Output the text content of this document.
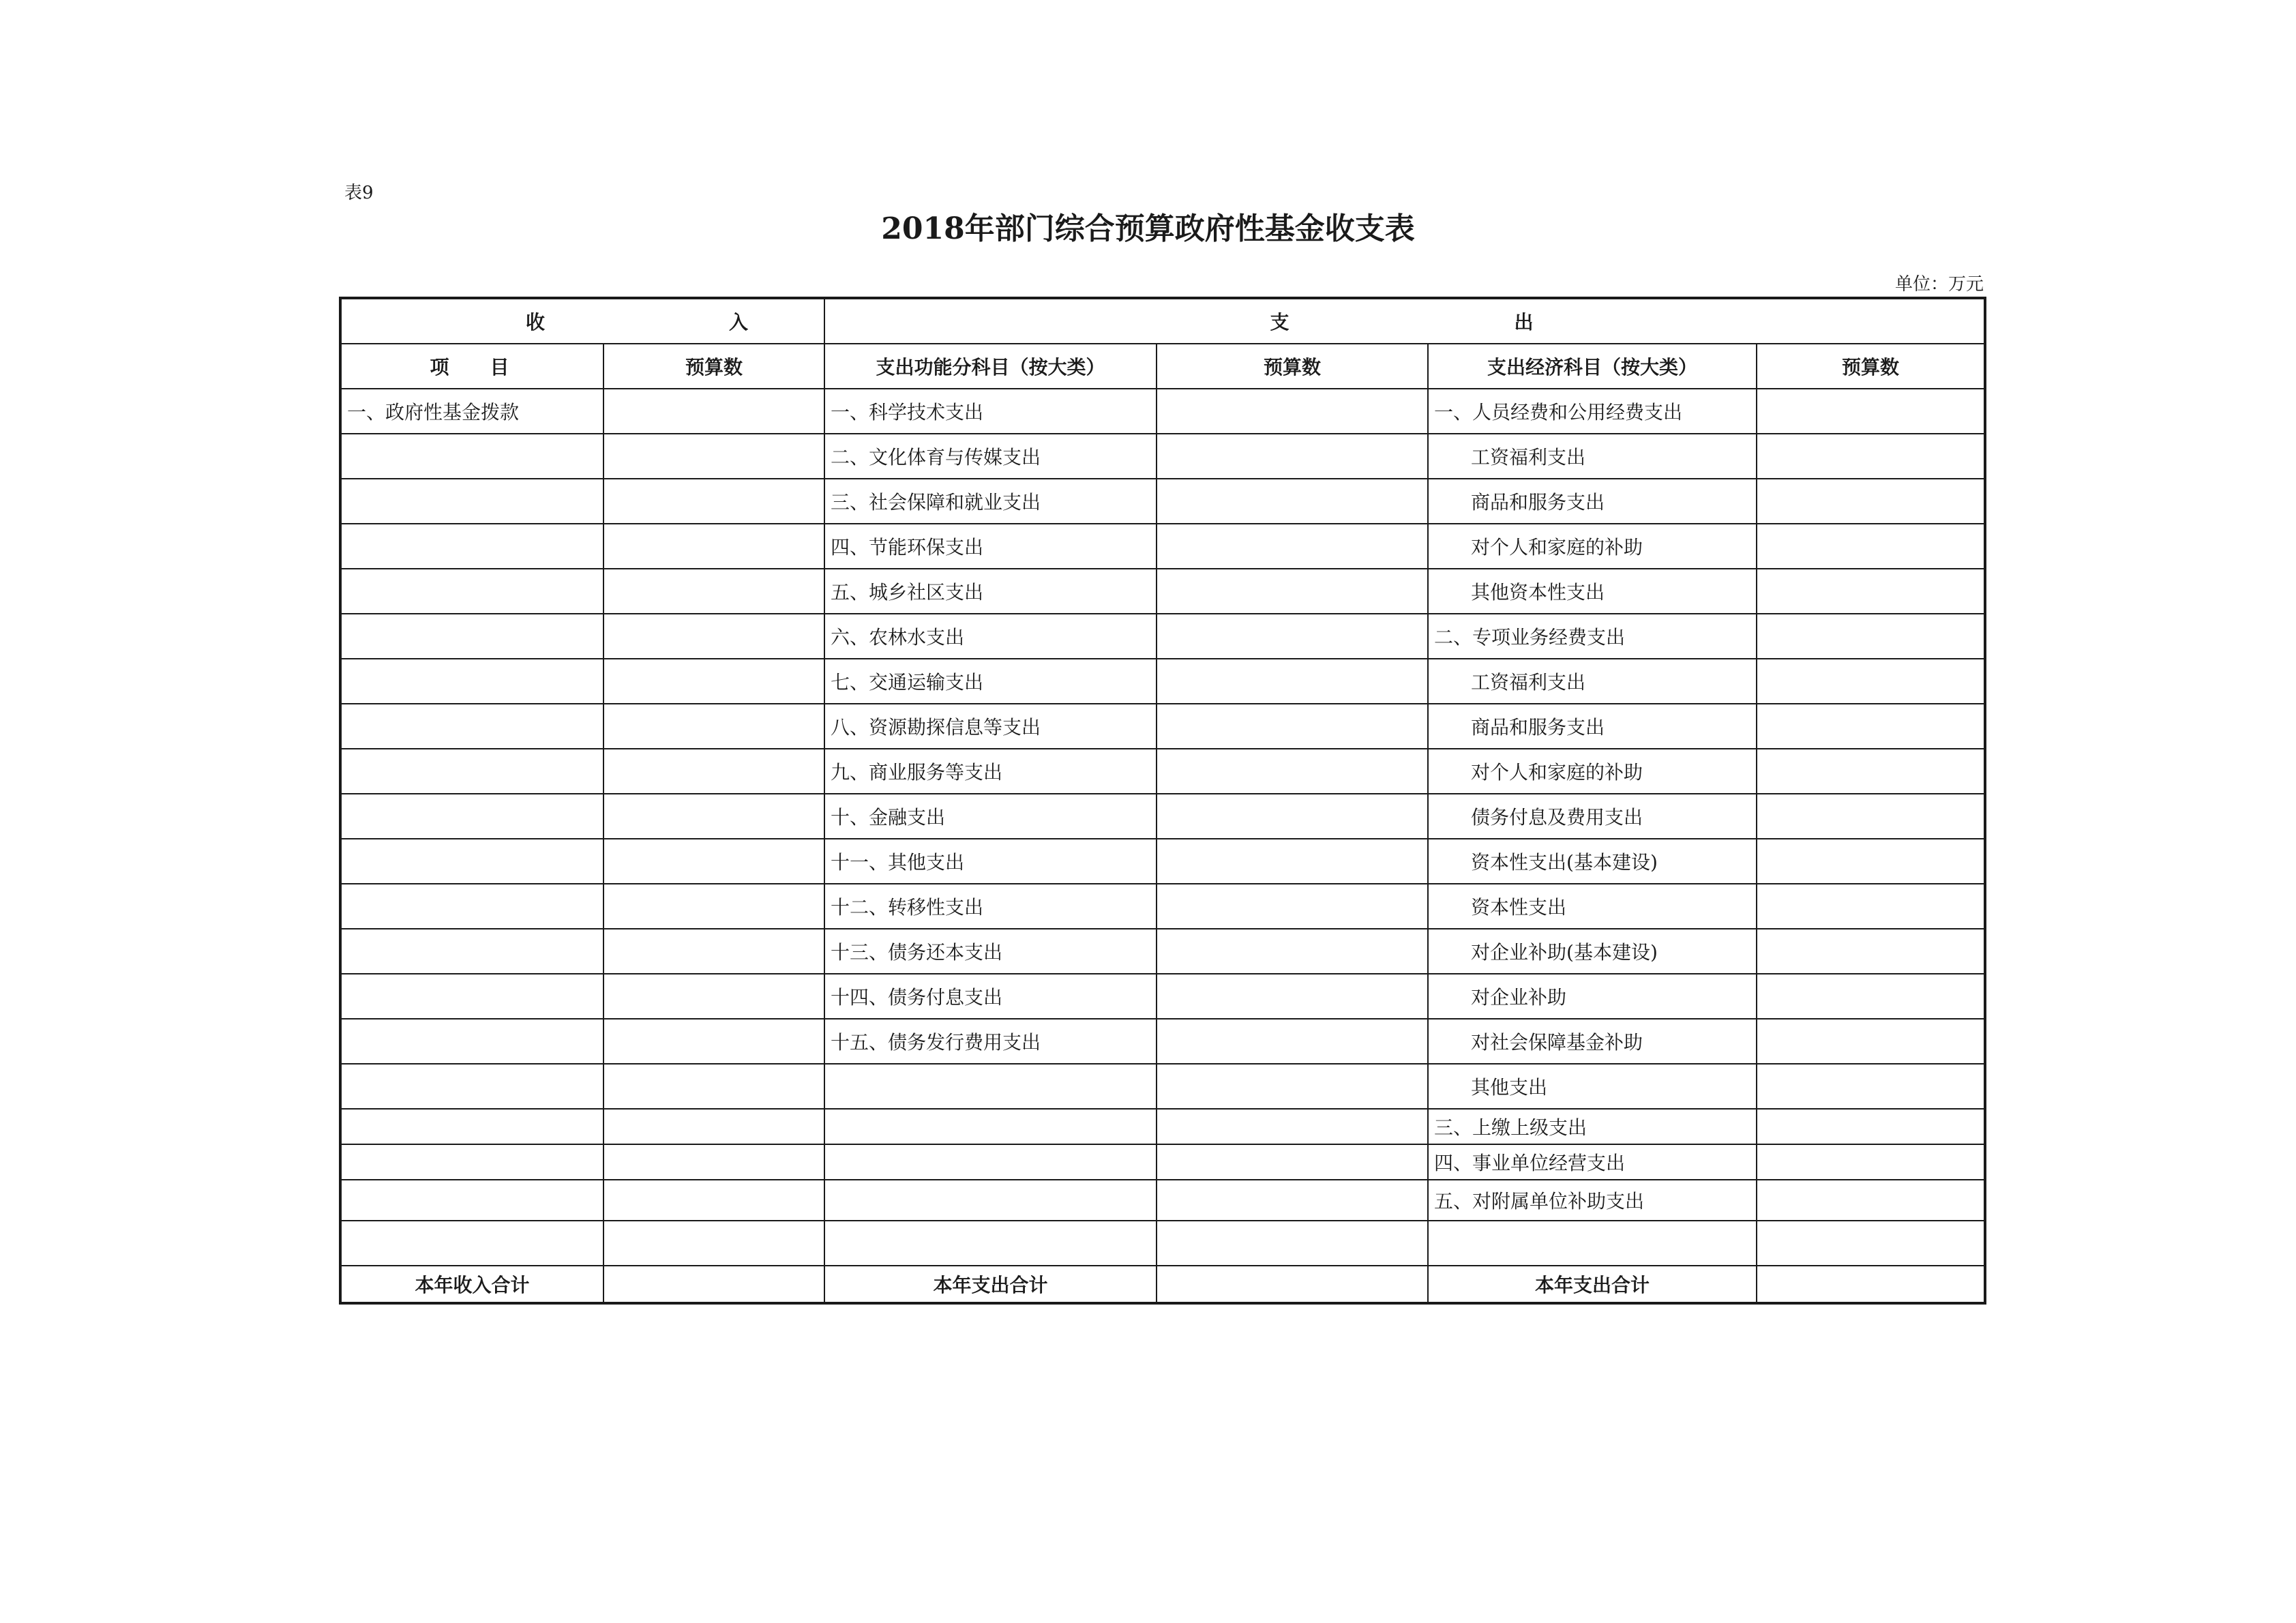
表9
2018年部门综合预算政府性基金收支表
单位：万元
收入		支出			
项目	预算数	支出功能分科目（按大类）	预算数	支出经济科目（按大类）	预算数
一、政府性基金拨款		一、科学技术支出		一、人员经费和公用经费支出	
		二、文化体育与传媒支出		工资福利支出	
		三、社会保障和就业支出		商品和服务支出	
		四、节能环保支出		对个人和家庭的补助	
		五、城乡社区支出		其他资本性支出	
		六、农林水支出		二、专项业务经费支出	
		七、交通运输支出		工资福利支出	
		八、资源勘探信息等支出		商品和服务支出	
		九、商业服务等支出		对个人和家庭的补助	
		十、金融支出		债务付息及费用支出	
		十一、其他支出		资本性支出(基本建设)	
		十二、转移性支出		资本性支出	
		十三、债务还本支出		对企业补助(基本建设)	
		十四、债务付息支出		对企业补助	
		十五、债务发行费用支出		对社会保障基金补助	
				其他支出	
				三、上缴上级支出	
				四、事业单位经营支出	
				五、对附属单位补助支出	

本年收入合计		本年支出合计		本年支出合计	
